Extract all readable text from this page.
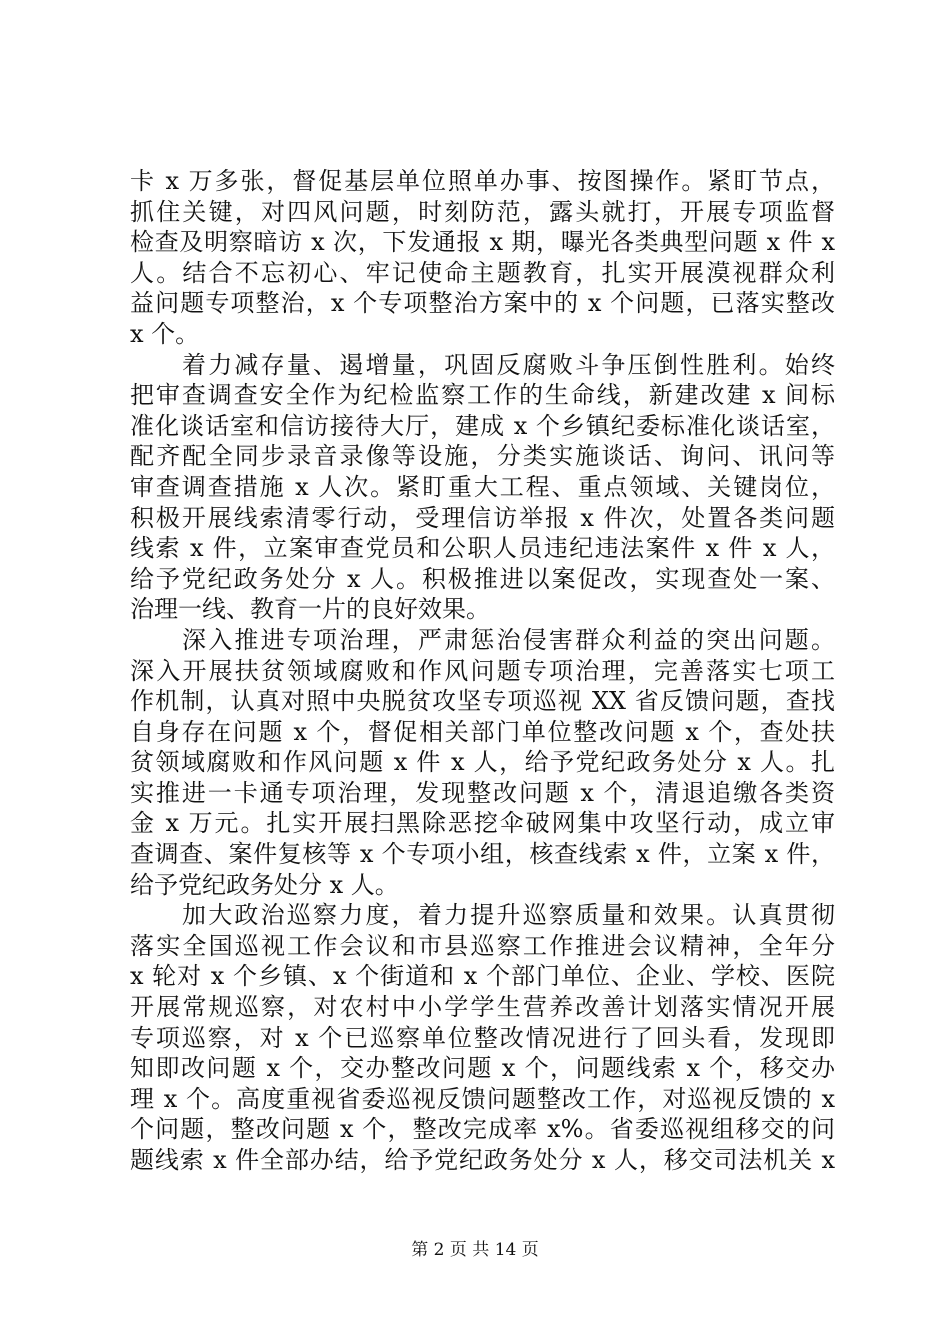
卡 x 万多张，督促基层单位照单办事、按图操作。紧盯节点，
抓住关键，对四风问题，时刻防范，露头就打，开展专项监督
检查及明察暗访 x 次，下发通报 x 期，曝光各类典型问题 x 件 x
人。结合不忘初心、牢记使命主题教育，扎实开展漠视群众利
益问题专项整治，x 个专项整治方案中的 x 个问题，已落实整改
x 个。
着力减存量、遏增量，巩固反腐败斗争压倒性胜利。始终
把审查调查安全作为纪检监察工作的生命线，新建改建 x 间标
准化谈话室和信访接待大厅，建成 x 个乡镇纪委标准化谈话室，
配齐配全同步录音录像等设施，分类实施谈话、询问、讯问等
审查调查措施 x 人次。紧盯重大工程、重点领域、关键岗位，
积极开展线索清零行动，受理信访举报 x 件次，处置各类问题
线索 x 件，立案审查党员和公职人员违纪违法案件 x 件 x 人，
给予党纪政务处分 x 人。积极推进以案促改，实现查处一案、
治理一线、教育一片的良好效果。
深入推进专项治理，严肃惩治侵害群众利益的突出问题。
深入开展扶贫领域腐败和作风问题专项治理，完善落实七项工
作机制，认真对照中央脱贫攻坚专项巡视 XX 省反馈问题，查找
自身存在问题 x 个，督促相关部门单位整改问题 x 个，查处扶
贫领域腐败和作风问题 x 件 x 人，给予党纪政务处分 x 人。扎
实推进一卡通专项治理，发现整改问题 x 个，清退追缴各类资
金 x 万元。扎实开展扫黑除恶挖伞破网集中攻坚行动，成立审
查调查、案件复核等 x 个专项小组，核查线索 x 件，立案 x 件，
给予党纪政务处分 x 人。
加大政治巡察力度，着力提升巡察质量和效果。认真贯彻
落实全国巡视工作会议和市县巡察工作推进会议精神，全年分
x 轮对 x 个乡镇、x 个街道和 x 个部门单位、企业、学校、医院
开展常规巡察，对农村中小学学生营养改善计划落实情况开展
专项巡察，对 x 个已巡察单位整改情况进行了回头看，发现即
知即改问题 x 个，交办整改问题 x 个，问题线索 x 个，移交办
理 x 个。高度重视省委巡视反馈问题整改工作，对巡视反馈的 x
个问题，整改问题 x 个，整改完成率 x%。省委巡视组移交的问
题线索 x 件全部办结，给予党纪政务处分 x 人，移交司法机关 x
第 2 页 共 14 页
